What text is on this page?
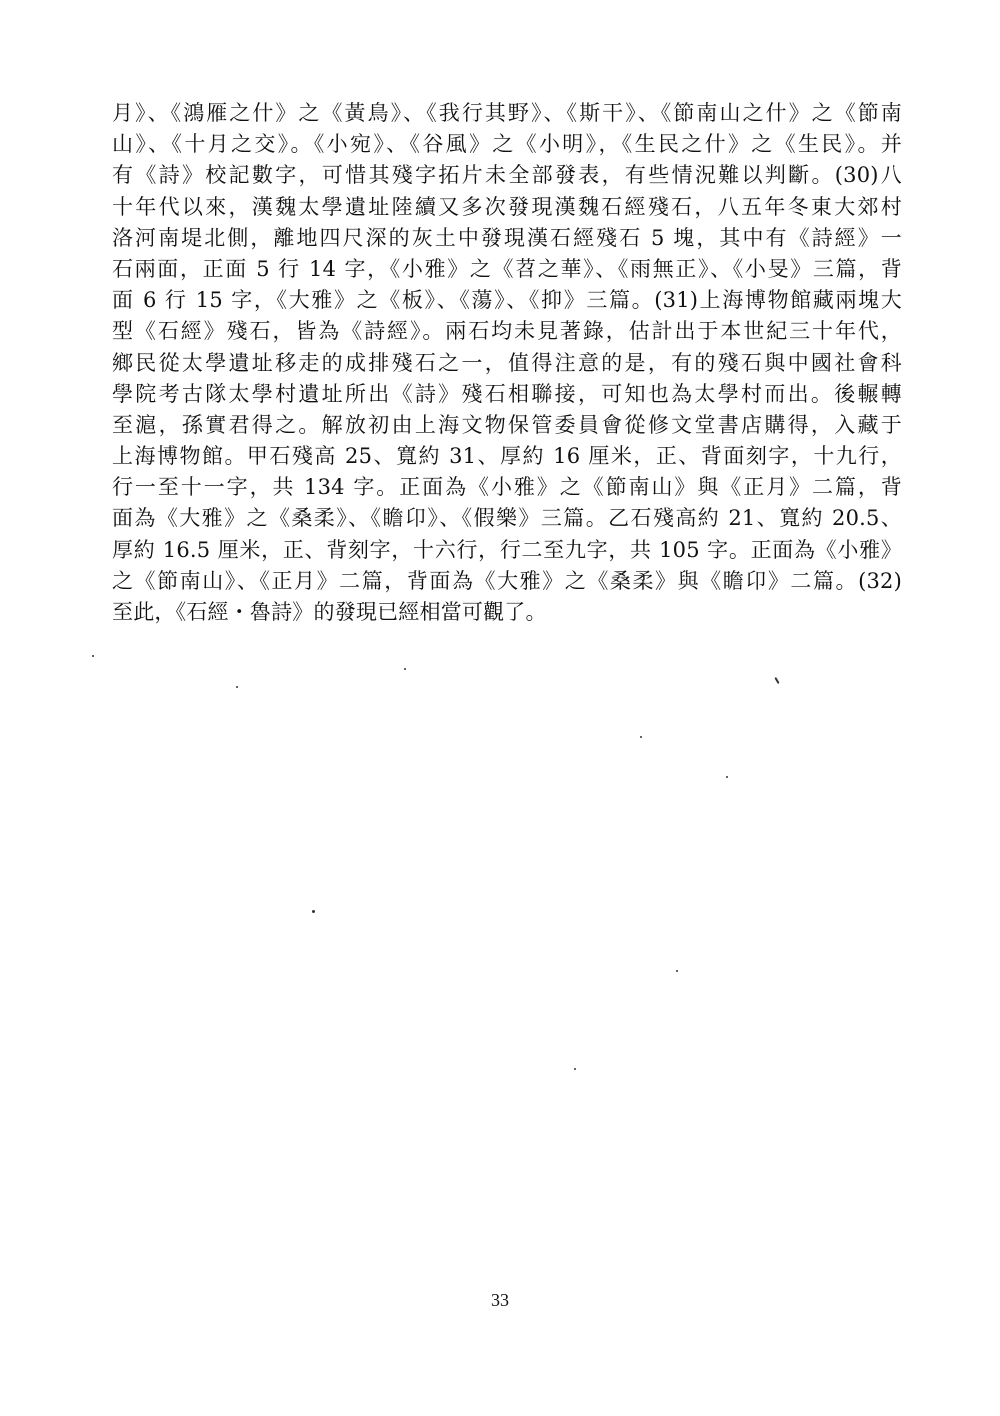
月》、《鴻雁之什》之《黃鳥》、《我行其野》、《斯干》、《節南山之什》之《節南
山》、《十月之交》。《小宛》、《谷風》之《小明》，《生民之什》之《生民》。并
有《詩》校記數字，可惜其殘字拓片未全部發表，有些情況難以判斷。(30)八
十年代以來，漢魏太學遺址陸續又多次發現漢魏石經殘石，八五年冬東大郊村
洛河南堤北側，離地四尺深的灰土中發現漢石經殘石 5 塊，其中有《詩經》一
石兩面，正面 5 行 14 字，《小雅》之《苕之華》、《雨無正》、《小旻》三篇，背
面 6 行 15 字，《大雅》之《板》、《蕩》、《抑》三篇。(31)上海博物館藏兩塊大
型《石經》殘石，皆為《詩經》。兩石均未見著錄，估計出于本世紀三十年代，
鄉民從太學遺址移走的成排殘石之一，值得注意的是，有的殘石與中國社會科
學院考古隊太學村遺址所出《詩》殘石相聯接，可知也為太學村而出。後輾轉
至滬，孫實君得之。解放初由上海文物保管委員會從修文堂書店購得，入藏于
上海博物館。甲石殘高 25、寬約 31、厚約 16 厘米，正、背面刻字，十九行，
行一至十一字，共 134 字。正面為《小雅》之《節南山》與《正月》二篇，背
面為《大雅》之《桑柔》、《瞻卬》、《假樂》三篇。乙石殘高約 21、寬約 20.5、
厚約 16.5 厘米，正、背刻字，十六行，行二至九字，共 105 字。正面為《小雅》
之《節南山》、《正月》二篇，背面為《大雅》之《桑柔》與《瞻卬》二篇。(32)
至此，《石經・魯詩》的發現已經相當可觀了。
33
